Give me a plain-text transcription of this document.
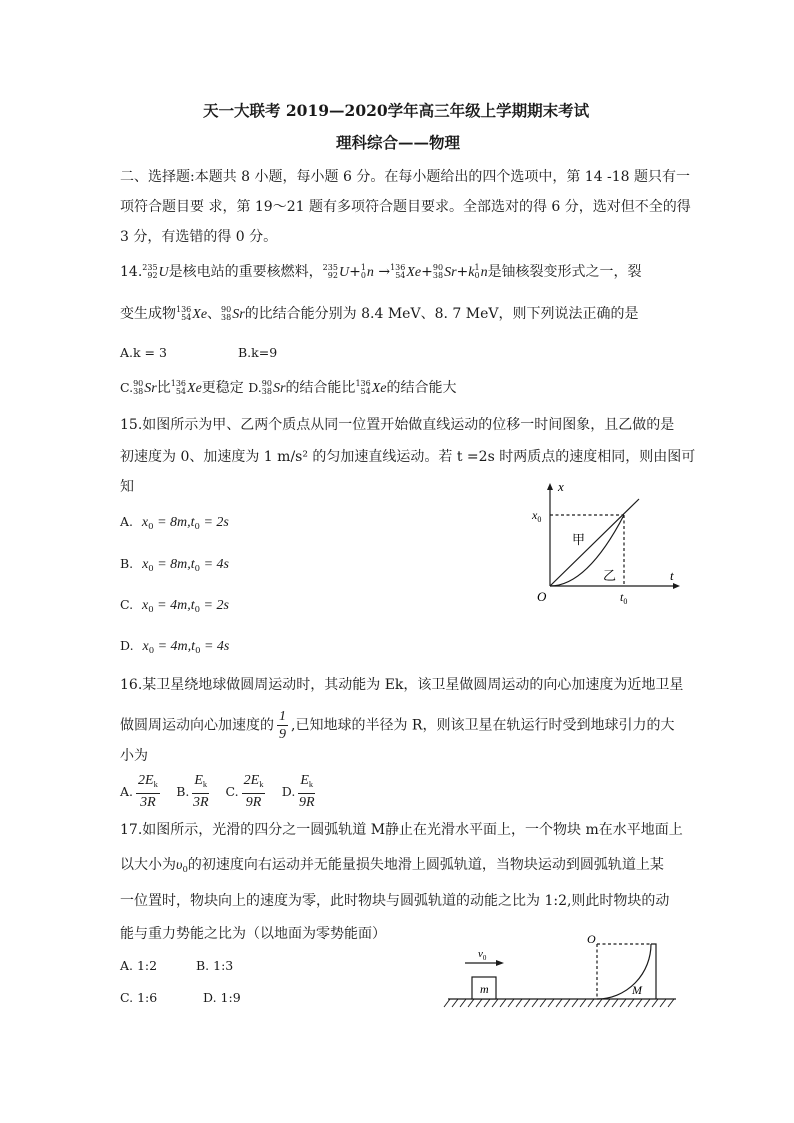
天一大联考 2019—2020学年高三年级上学期期末考试
理科综合——物理
二、选择题:本题共 8 小题，每小题 6 分。在每小题给出的四个选项中，第 14 -18 题只有一
项符合题目要 求，第 19～21 题有多项符合题目要求。全部选对的得 6 分，选对但不全的得
3 分，有选错的得 0 分。
14. 235
92 U是核电站的重要核燃料， 235
92 U+ 1
0 n → 136
54 Xe+ 90
38 Sr+k 1
0 n是铀核裂变形式之一，裂
变生成物 136
54 Xe、 90
38 Sr的比结合能分别为 8.4 MeV、8. 7 MeV，则下列说法正确的是
A.k = 3	B.k=9
C. 90
38 Sr比 136
54 Xe更稳定 D. 90
38 Sr的结合能比 136
54 Xe的结合能大
15.如图所示为甲、乙两个质点从同一位置开始做直线运动的位移一时间图象，且乙做的是
初速度为 0、加速度为 1 m/s² 的匀加速直线运动。若 t =2s 时两质点的速度相同，则由图可
知
A. $x_0 = 8m,t_0 = 2s$
B. $x_0 = 8m,t_0 = 4s$
C. $x_0 = 4m,t_0 = 2s$
D. $x_0 = 4m,t_0 = 4s$
x
t
O
$x_0$
$t_0$
甲
乙
16.某卫星绕地球做圆周运动时，其动能为 Ek，该卫星做圆周运动的向心加速度为近地卫星
做圆周运动向心加速度的 $\frac{1}{9}$ ,已知地球的半径为 R，则该卫星在轨运行时受到地球引力的大
小为
A. $\frac{2E_k}{3R} B$. $\frac{E_k}{3R} C$. $\frac{2E_k}{9R} D$. $\frac{E_k}{9R}$
17.如图所示，光滑的四分之一圆弧轨道 M静止在光滑水平面上，一个物块 m在水平地面上
以大小为$\upsilon_0$的初速度向右运动并无能量损失地滑上圆弧轨道，当物块运动到圆弧轨道上某
一位置时，物块向上的速度为零，此时物块与圆弧轨道的动能之比为 1:2,则此时物块的动
能与重力势能之比为（以地面为零势能面）
A. 1:2	B. 1:3
C. 1:6	D. 1:9
m	M
O
$v_0$
